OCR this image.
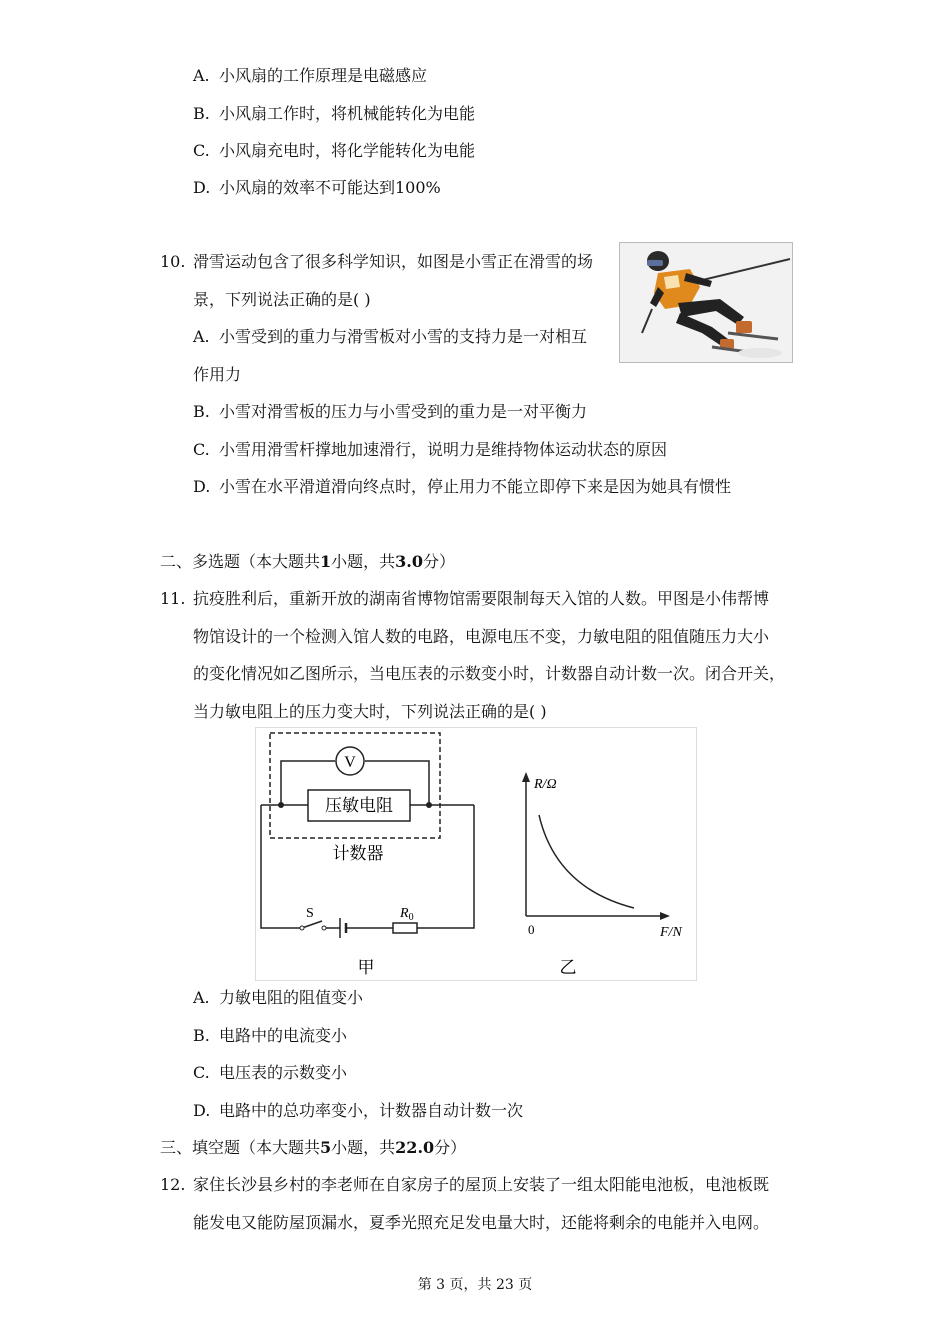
A. 小风扇的工作原理是电磁感应
B. 小风扇工作时，将机械能转化为电能
C. 小风扇充电时，将化学能转化为电能
D. 小风扇的效率不可能达到100%
10. 滑雪运动包含了很多科学知识，如图是小雪正在滑雪的场
景，下列说法正确的是( )
A. 小雪受到的重力与滑雪板对小雪的支持力是一对相互
作用力
B. 小雪对滑雪板的压力与小雪受到的重力是一对平衡力
C. 小雪用滑雪杆撑地加速滑行，说明力是维持物体运动状态的原因
D. 小雪在水平滑道滑向终点时，停止用力不能立即停下来是因为她具有惯性
二、多选题（本大题共1小题，共3.0分）
11. 抗疫胜利后，重新开放的湖南省博物馆需要限制每天入馆的人数。甲图是小伟帮博
物馆设计的一个检测入馆人数的电路，电源电压不变，力敏电阻的阻值随压力大小
的变化情况如乙图所示，当电压表的示数变小时，计数器自动计数一次。闭合开关，
当力敏电阻上的压力变大时，下列说法正确的是( )
V
压敏电阻
计数器
S	$R_0$
甲
R/Ω
F/N
0
乙
A. 力敏电阻的阻值变小
B. 电路中的电流变小
C. 电压表的示数变小
D. 电路中的总功率变小，计数器自动计数一次
三、填空题（本大题共5小题，共22.0分）
12. 家住长沙县乡村的李老师在自家房子的屋顶上安装了一组太阳能电池板，电池板既
能发电又能防屋顶漏水，夏季光照充足发电量大时，还能将剩余的电能并入电网。
第 3 页，共 23 页
